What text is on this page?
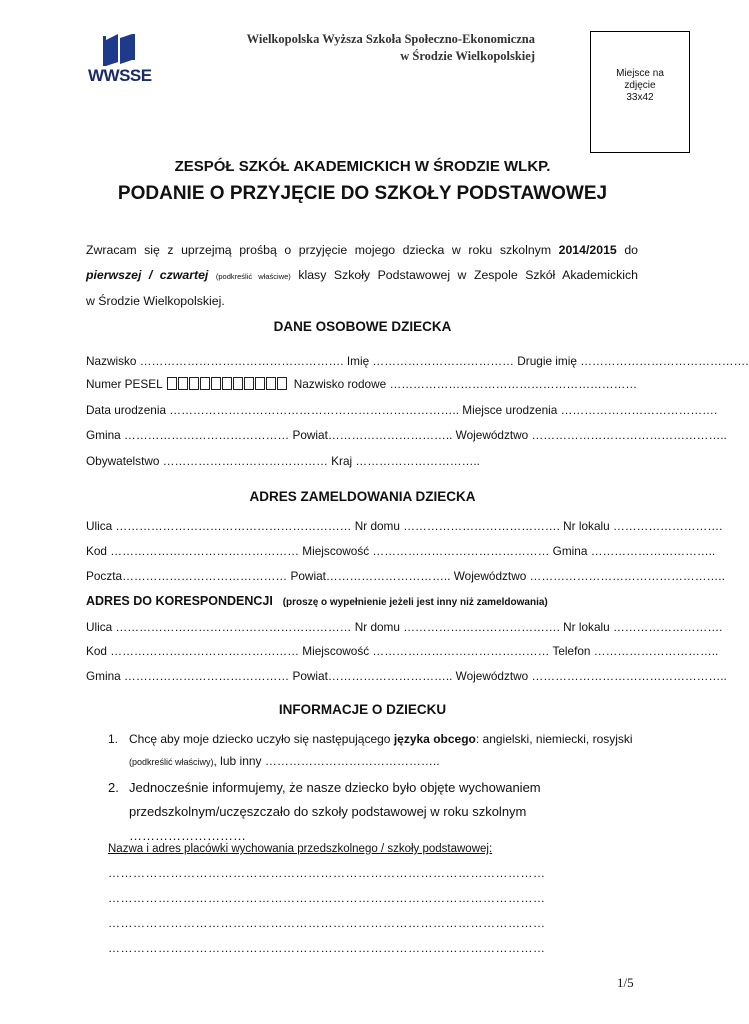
WWSSE
Wielkopolska Wyższa Szkoła Społeczno-Ekonomiczna
w Środzie Wielkopolskiej
Miejsce na
zdjęcie
33x42
ZESPÓŁ SZKÓŁ AKADEMICKICH W ŚRODZIE WLKP.
PODANIE O PRZYJĘCIE DO SZKOŁY PODSTAWOWEJ
Zwracam się z uprzejmą prośbą o przyjęcie mojego dziecka w roku szkolnym 2014/2015 do
pierwszej / czwartej (podkreślić właściwe) klasy Szkoły Podstawowej w Zespole Szkół Akademickich
w Środzie Wielkopolskiej.
DANE OSOBOWE DZIECKA
Nazwisko ……………………………………………. Imię ……………………………… Drugie imię …………………………………….
Numer PESEL	Nazwisko rodowe ………………………………………………………
Data urodzenia ……………………………………………………………….. Miejsce urodzenia ………………………………….
Gmina …………………………………… Powiat………………………….. Województwo …………………………………………..
Obywatelstwo …………………………………… Kraj …………………………..
ADRES ZAMELDOWANIA DZIECKA
Ulica …………………………………………………… Nr domu …………………………………. Nr lokalu ……………………….
Kod ………………………………………… Miejscowość ……………………………………… Gmina …………………………..
Poczta…………………………………… Powiat………………………….. Województwo …………………………………………..
ADRES DO KORESPONDENCJI (proszę o wypełnienie jeżeli jest inny niż zameldowania)
Ulica …………………………………………………… Nr domu …………………………………. Nr lokalu ……………………….
Kod ………………………………………… Miejscowość ……………………………………… Telefon …………………………..
Gmina …………………………………… Powiat………………………….. Województwo …………………………………………..
INFORMACJE O DZIECKU
1. Chcę aby moje dziecko uczyło się następującego języka obcego: angielski, niemiecki, rosyjski
(podkreślić właściwy), lub inny ……………………………………..
2. Jednocześnie informujemy, że nasze dziecko było objęte wychowaniem
przedszkolnym/uczęszczało do szkoły podstawowej w roku szkolnym ………………………
Nazwa i adres placówki wychowania przedszkolnego / szkoły podstawowej:
……………………………………………………………………………………………
……………………………………………………………………………………………
……………………………………………………………………………………………
……………………………………………………………………………………………
1/5
